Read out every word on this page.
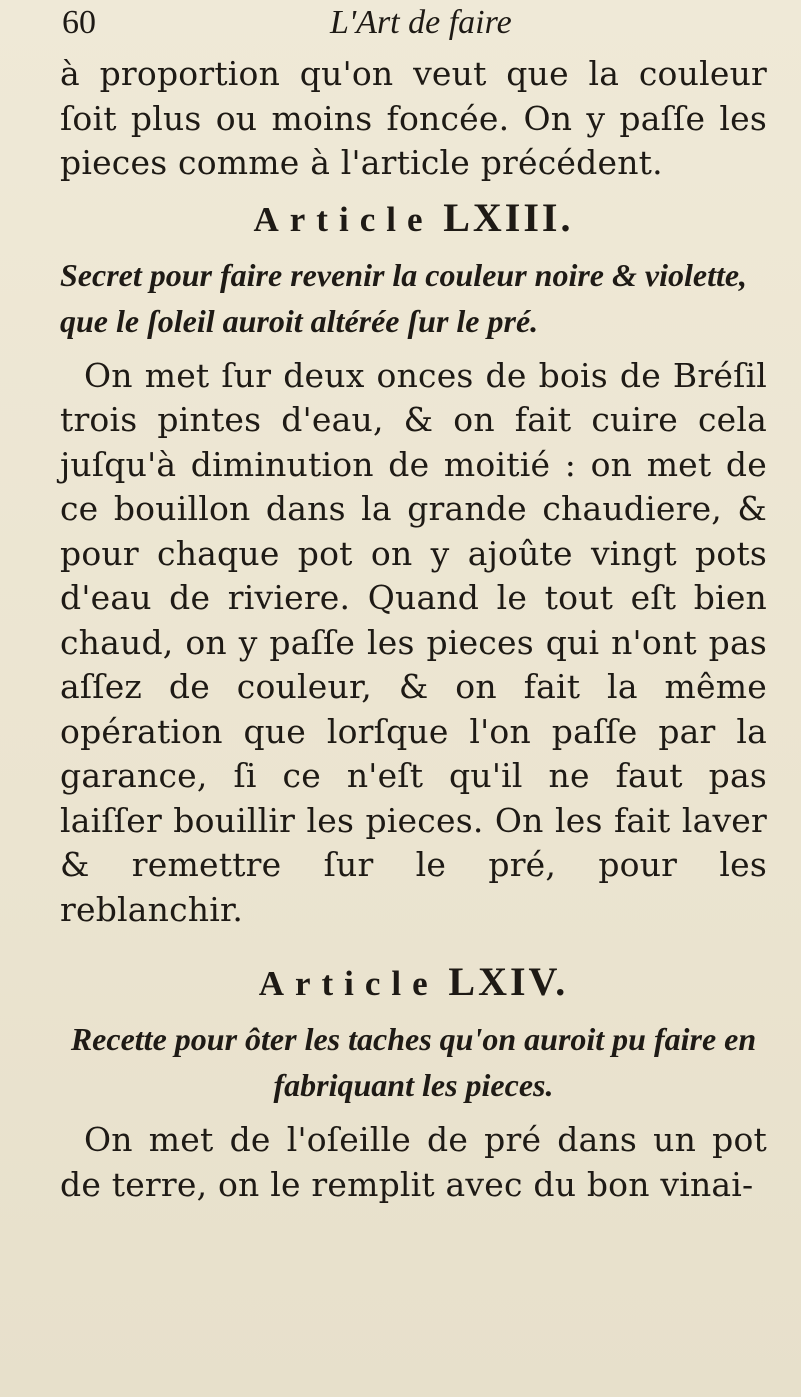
60	L'Art de faire

à proportion qu'on veut que la couleur ſoit plus ou moins foncée. On y paſſe les pieces comme à l'article précédent.

Article LXIII.

Secret pour faire revenir la couleur noire & violette, que le ſoleil auroit altérée ſur le pré.

On met ſur deux onces de bois de Bréſil trois pintes d'eau, & on fait cuire cela juſqu'à diminution de moitié : on met de ce bouillon dans la grande chaudiere, & pour chaque pot on y ajoûte vingt pots d'eau de riviere. Quand le tout eſt bien chaud, on y paſſe les pieces qui n'ont pas aſſez de couleur, & on fait la même opération que lorſque l'on paſſe par la garance, ſi ce n'eſt qu'il ne faut pas laiſſer bouillir les pieces. On les fait laver & remettre ſur le pré, pour les reblanchir.

Article LXIV.

Recette pour ôter les taches qu'on auroit pu faire en fabriquant les pieces.

On met de l'oſeille de pré dans un pot de terre, on le remplit avec du bon vinai-
